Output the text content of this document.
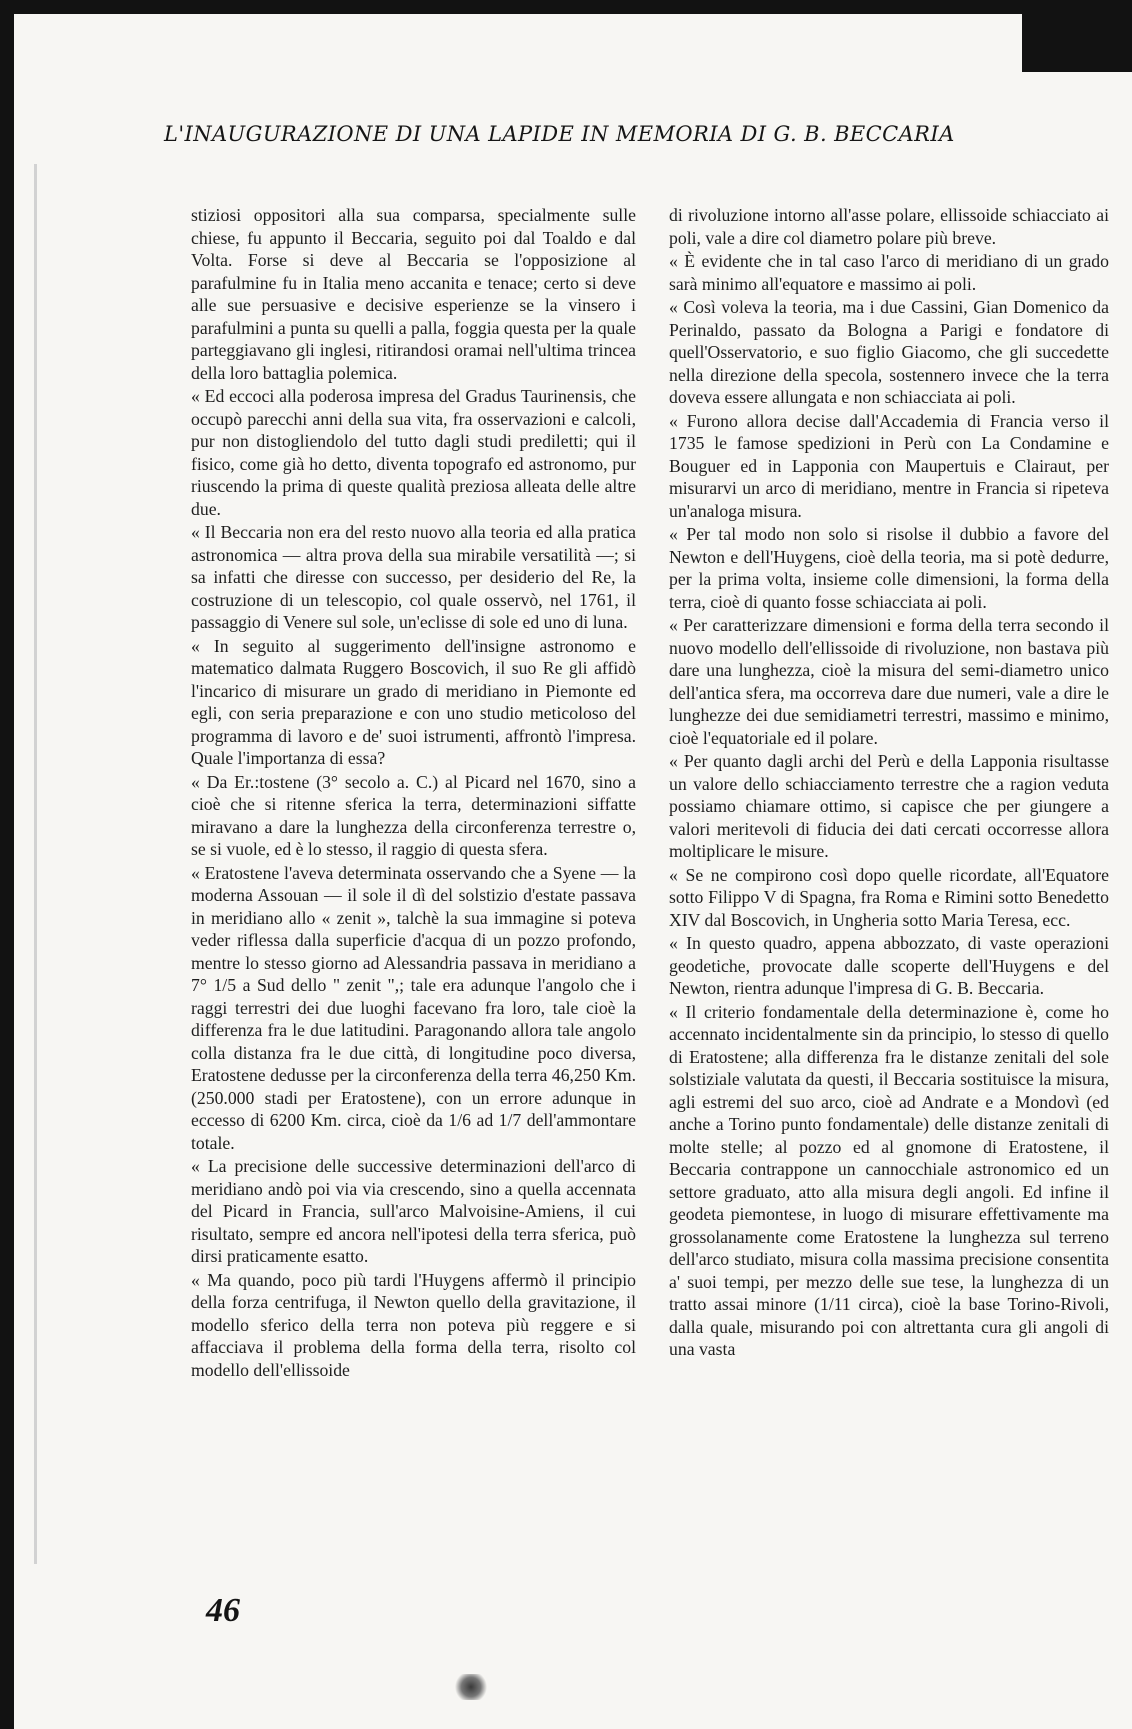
L'INAUGURAZIONE DI UNA LAPIDE IN MEMORIA DI G. B. BECCARIA

stiziosi oppositori alla sua comparsa, specialmente sulle chiese, fu appunto il Beccaria, seguito poi dal Toaldo e dal Volta. Forse si deve al Beccaria se l'opposizione al parafulmine fu in Italia meno accanita e tenace; certo si deve alle sue persuasive e decisive esperienze se la vinsero i parafulmini a punta su quelli a palla, foggia questa per la quale parteggiavano gli inglesi, ritirandosi oramai nell'ultima trincea della loro battaglia polemica.

« Ed eccoci alla poderosa impresa del Gradus Taurinensis, che occupò parecchi anni della sua vita, fra osservazioni e calcoli, pur non distogliendolo del tutto dagli studi prediletti; qui il fisico, come già ho detto, diventa topografo ed astronomo, pur riuscendo la prima di queste qualità preziosa alleata delle altre due.

« Il Beccaria non era del resto nuovo alla teoria ed alla pratica astronomica — altra prova della sua mirabile versatilità —; si sa infatti che diresse con successo, per desiderio del Re, la costruzione di un telescopio, col quale osservò, nel 1761, il passaggio di Venere sul sole, un'eclisse di sole ed uno di luna.

« In seguito al suggerimento dell'insigne astronomo e matematico dalmata Ruggero Boscovich, il suo Re gli affidò l'incarico di misurare un grado di meridiano in Piemonte ed egli, con seria preparazione e con uno studio meticoloso del programma di lavoro e de' suoi istrumenti, affrontò l'impresa. Quale l'importanza di essa?

« Da Er.:tostene (3° secolo a. C.) al Picard nel 1670, sino a cioè che si ritenne sferica la terra, determinazioni siffatte miravano a dare la lunghezza della circonferenza terrestre o, se si vuole, ed è lo stesso, il raggio di questa sfera.

« Eratostene l'aveva determinata osservando che a Syene — la moderna Assouan — il sole il dì del solstizio d'estate passava in meridiano allo « zenit », talchè la sua immagine si poteva veder riflessa dalla superficie d'acqua di un pozzo profondo, mentre lo stesso giorno ad Alessandria passava in meridiano a 7° 1/5 a Sud dello " zenit ",; tale era adunque l'angolo che i raggi terrestri dei due luoghi facevano fra loro, tale cioè la differenza fra le due latitudini. Paragonando allora tale angolo colla distanza fra le due città, di longitudine poco diversa, Eratostene dedusse per la circonferenza della terra 46,250 Km. (250.000 stadi per Eratostene), con un errore adunque in eccesso di 6200 Km. circa, cioè da 1/6 ad 1/7 dell'ammontare totale.

« La precisione delle successive determinazioni dell'arco di meridiano andò poi via via crescendo, sino a quella accennata del Picard in Francia, sull'arco Malvoisine-Amiens, il cui risultato, sempre ed ancora nell'ipotesi della terra sferica, può dirsi praticamente esatto.

« Ma quando, poco più tardi l'Huygens affermò il principio della forza centrifuga, il Newton quello della gravitazione, il modello sferico della terra non poteva più reggere e si affacciava il problema della forma della terra, risolto col modello dell'ellissoide

di rivoluzione intorno all'asse polare, ellissoide schiacciato ai poli, vale a dire col diametro polare più breve.

« È evidente che in tal caso l'arco di meridiano di un grado sarà minimo all'equatore e massimo ai poli.

« Così voleva la teoria, ma i due Cassini, Gian Domenico da Perinaldo, passato da Bologna a Parigi e fondatore di quell'Osservatorio, e suo figlio Giacomo, che gli succedette nella direzione della specola, sostennero invece che la terra doveva essere allungata e non schiacciata ai poli.

« Furono allora decise dall'Accademia di Francia verso il 1735 le famose spedizioni in Perù con La Condamine e Bouguer ed in Lapponia con Maupertuis e Clairaut, per misurarvi un arco di meridiano, mentre in Francia si ripeteva un'analoga misura.

« Per tal modo non solo si risolse il dubbio a favore del Newton e dell'Huygens, cioè della teoria, ma si potè dedurre, per la prima volta, insieme colle dimensioni, la forma della terra, cioè di quanto fosse schiacciata ai poli.

« Per caratterizzare dimensioni e forma della terra secondo il nuovo modello dell'ellissoide di rivoluzione, non bastava più dare una lunghezza, cioè la misura del semi-diametro unico dell'antica sfera, ma occorreva dare due numeri, vale a dire le lunghezze dei due semidiametri terrestri, massimo e minimo, cioè l'equatoriale ed il polare.

« Per quanto dagli archi del Perù e della Lapponia risultasse un valore dello schiacciamento terrestre che a ragion veduta possiamo chiamare ottimo, si capisce che per giungere a valori meritevoli di fiducia dei dati cercati occorresse allora moltiplicare le misure.

« Se ne compirono così dopo quelle ricordate, all'Equatore sotto Filippo V di Spagna, fra Roma e Rimini sotto Benedetto XIV dal Boscovich, in Ungheria sotto Maria Teresa, ecc.

« In questo quadro, appena abbozzato, di vaste operazioni geodetiche, provocate dalle scoperte dell'Huygens e del Newton, rientra adunque l'impresa di G. B. Beccaria.

« Il criterio fondamentale della determinazione è, come ho accennato incidentalmente sin da principio, lo stesso di quello di Eratostene; alla differenza fra le distanze zenitali del sole solstiziale valutata da questi, il Beccaria sostituisce la misura, agli estremi del suo arco, cioè ad Andrate e a Mondovì (ed anche a Torino punto fondamentale) delle distanze zenitali di molte stelle; al pozzo ed al gnomone di Eratostene, il Beccaria contrappone un cannocchiale astronomico ed un settore graduato, atto alla misura degli angoli. Ed infine il geodeta piemontese, in luogo di misurare effettivamente ma grossolanamente come Eratostene la lunghezza sul terreno dell'arco studiato, misura colla massima precisione consentita a' suoi tempi, per mezzo delle sue tese, la lunghezza di un tratto assai minore (1/11 circa), cioè la base Torino-Rivoli, dalla quale, misurando poi con altrettanta cura gli angoli di una vasta

46
